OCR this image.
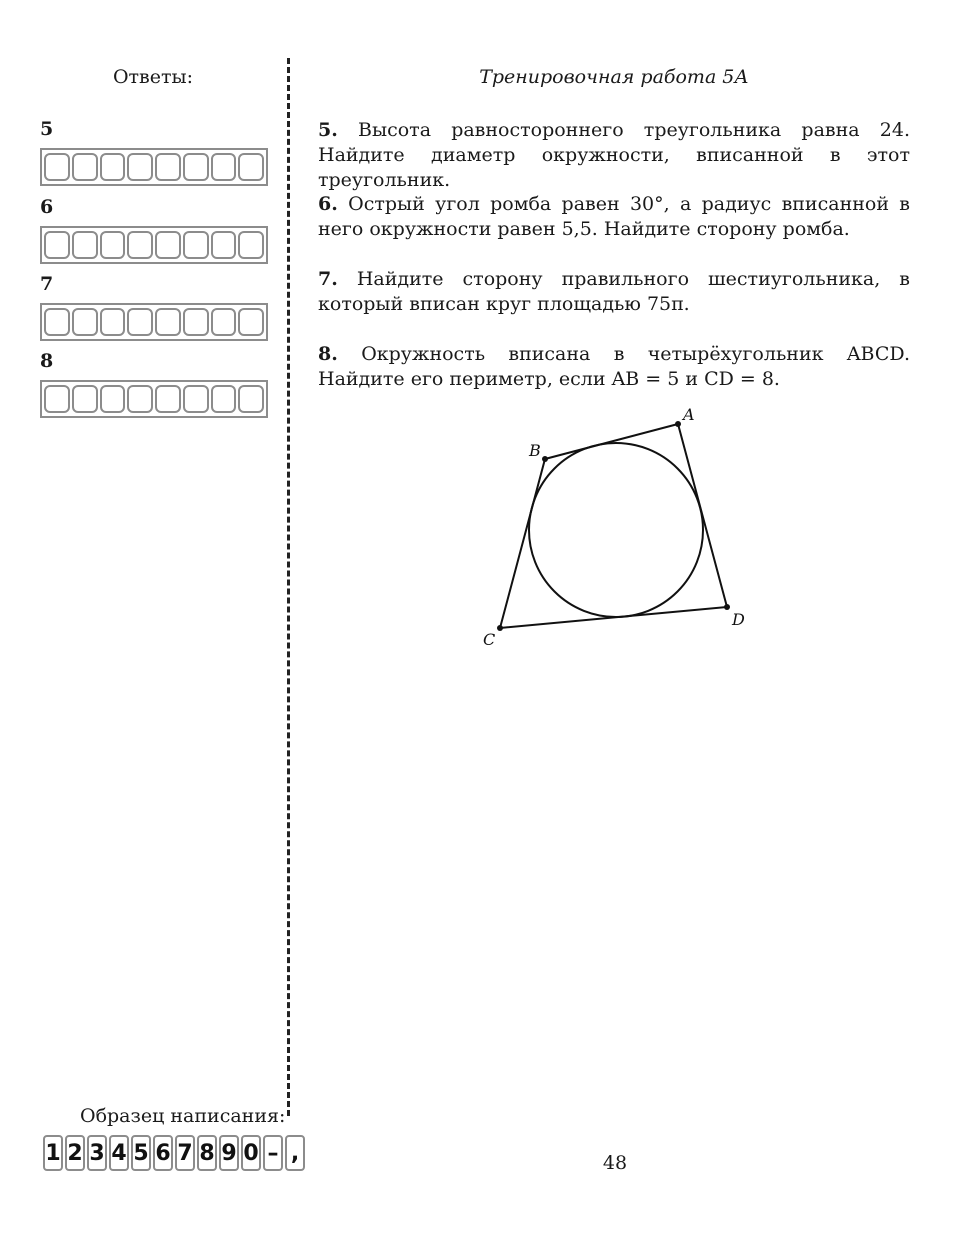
Ответы:
5
6
7
8
Тренировочная работа 5А
5. Высота равностороннего треугольника равна 24. Найдите диаметр окружности, вписанной в этот треугольник.
6. Острый угол ромба равен 30°, а радиус вписанной в него окружности равен 5,5. Найдите сторону ромба.
7. Найдите сторону правильного шестиугольника, в который вписан круг площадью 75π.
8. Окружность вписана в четырёхугольник ABCD. Найдите его периметр, если AB = 5 и CD = 8.
A
B
C
D
Образец написания:
1 2 3 4 5 6 7 8 9 0 – ,	48
